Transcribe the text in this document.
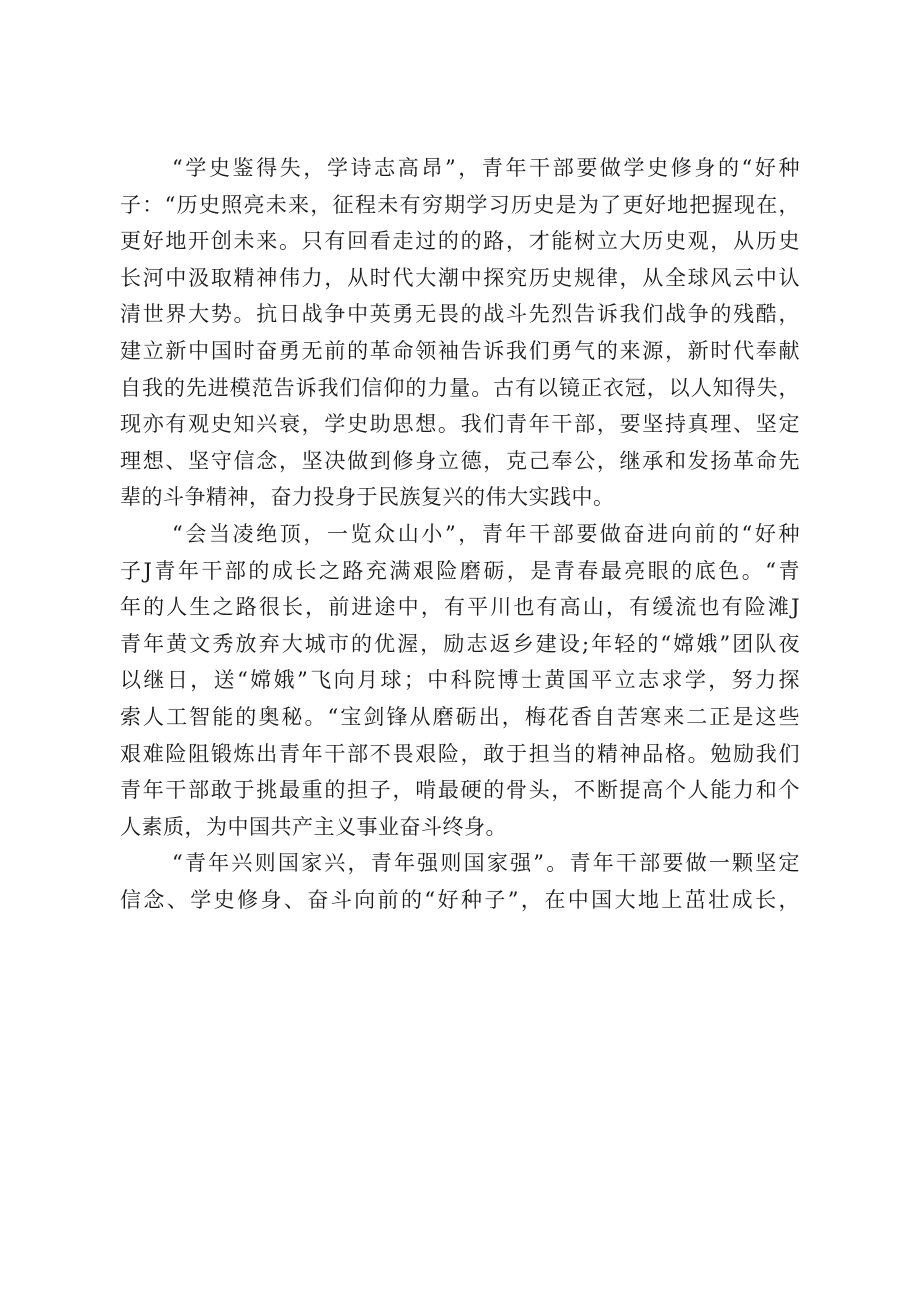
“学史鉴得失，学诗志高昂”，青年干部要做学史修身的“好种
子：“历史照亮未来，征程未有穷期学习历史是为了更好地把握现在，
更好地开创未来。只有回看走过的的路，才能树立大历史观，从历史
长河中汲取精神伟力，从时代大潮中探究历史规律，从全球风云中认
清世界大势。抗日战争中英勇无畏的战斗先烈告诉我们战争的残酷，
建立新中国时奋勇无前的革命领袖告诉我们勇气的来源，新时代奉献
自我的先进模范告诉我们信仰的力量。古有以镜正衣冠，以人知得失，
现亦有观史知兴衰，学史助思想。我们青年干部，要坚持真理、坚定
理想、坚守信念，坚决做到修身立德，克己奉公，继承和发扬革命先
辈的斗争精神，奋力投身于民族复兴的伟大实践中。
“会当凌绝顶，一览众山小”，青年干部要做奋进向前的“好种
子J青年干部的成长之路充满艰险磨砺，是青春最亮眼的底色。“青
年的人生之路很长，前进途中，有平川也有高山，有缓流也有险滩J
青年黄文秀放弃大城市的优渥，励志返乡建设;年轻的“嫦娥”团队夜
以继日，送“嫦娥”飞向月球；中科院博士黄国平立志求学，努力探
索人工智能的奥秘。“宝剑锋从磨砺出，梅花香自苦寒来二正是这些
艰难险阻锻炼出青年干部不畏艰险，敢于担当的精神品格。勉励我们
青年干部敢于挑最重的担子，啃最硬的骨头，不断提高个人能力和个
人素质，为中国共产主义事业奋斗终身。
“青年兴则国家兴，青年强则国家强”。青年干部要做一颗坚定
信念、学史修身、奋斗向前的“好种子”，在中国大地上茁壮成长，
